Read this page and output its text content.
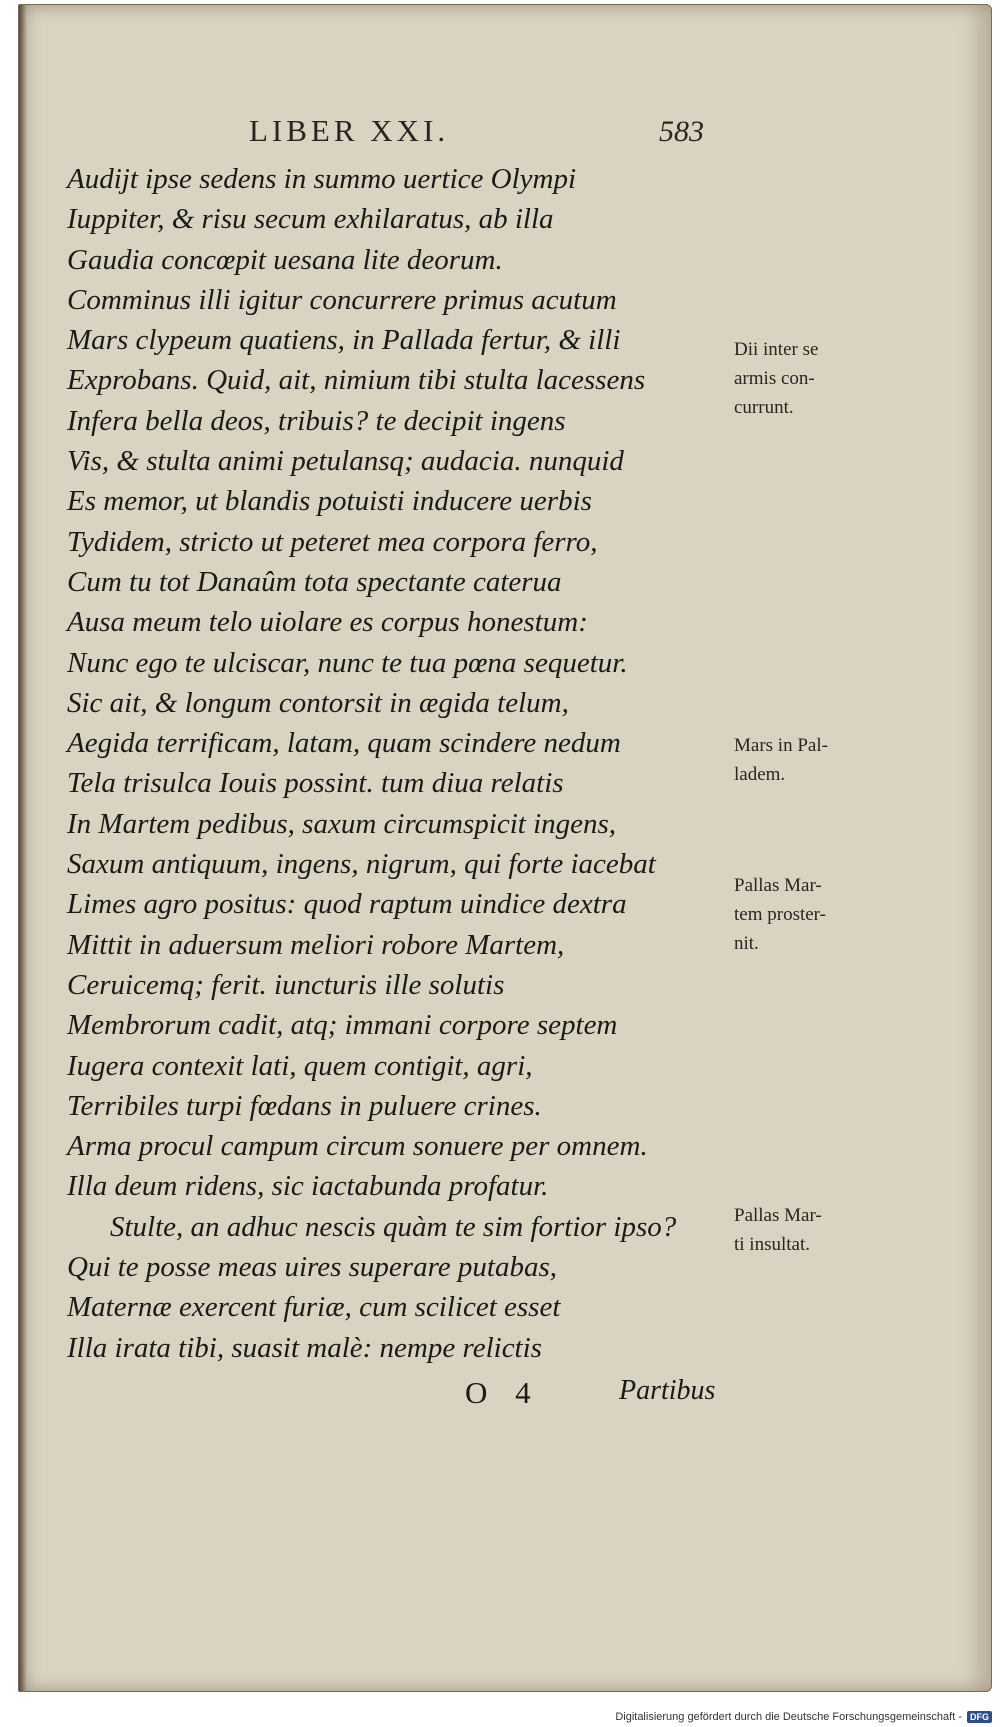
LIBER XXI.	583
Audijt ipse sedens in summo uertice Olympi
Iuppiter, & risu secum exhilaratus, ab illa
Gaudia concœpit uesana lite deorum.
Comminus illi igitur concurrere primus acutum
Mars clypeum quatiens, in Pallada fertur, & illi
Exprobans. Quid, ait, nimium tibi stulta lacessens
Infera bella deos, tribuis? te decipit ingens
Vis, & stulta animi petulansq; audacia. nunquid
Es memor, ut blandis potuisti inducere uerbis
Tydidem, stricto ut peteret mea corpora ferro,
Cum tu tot Danaûm tota spectante caterua
Ausa meum telo uiolare es corpus honestum:
Nunc ego te ulciscar, nunc te tua pœna sequetur.
Sic ait, & longum contorsit in ægida telum,
Aegida terrificam, latam, quam scindere nedum
Tela trisulca Iouis possint. tum diua relatis
In Martem pedibus, saxum circumspicit ingens,
Saxum antiquum, ingens, nigrum, qui forte iacebat
Limes agro positus: quod raptum uindice dextra
Mittit in aduersum meliori robore Martem,
Ceruicemq; ferit. iuncturis ille solutis
Membrorum cadit, atq; immani corpore septem
Iugera contexit lati, quem contigit, agri,
Terribiles turpi fœdans in puluere crines.
Arma procul campum circum sonuere per omnem.
Illa deum ridens, sic iactabunda profatur.
Stulte, an adhuc nescis quàm te sim fortior ipso?
Qui te posse meas uires superare putabas,
Maternæ exercent furiæ, cum scilicet esset
Illa irata tibi, suasit malè: nempe relictis
Dii inter se
armis con-
currunt.
Mars in Pal-
ladem.
Pallas Mar-
tem proster-
nit.
Pallas Mar-
ti insultat.
O 4	Partibus
Digitalisierung gefördert durch die Deutsche Forschungsgemeinschaft - DFG
